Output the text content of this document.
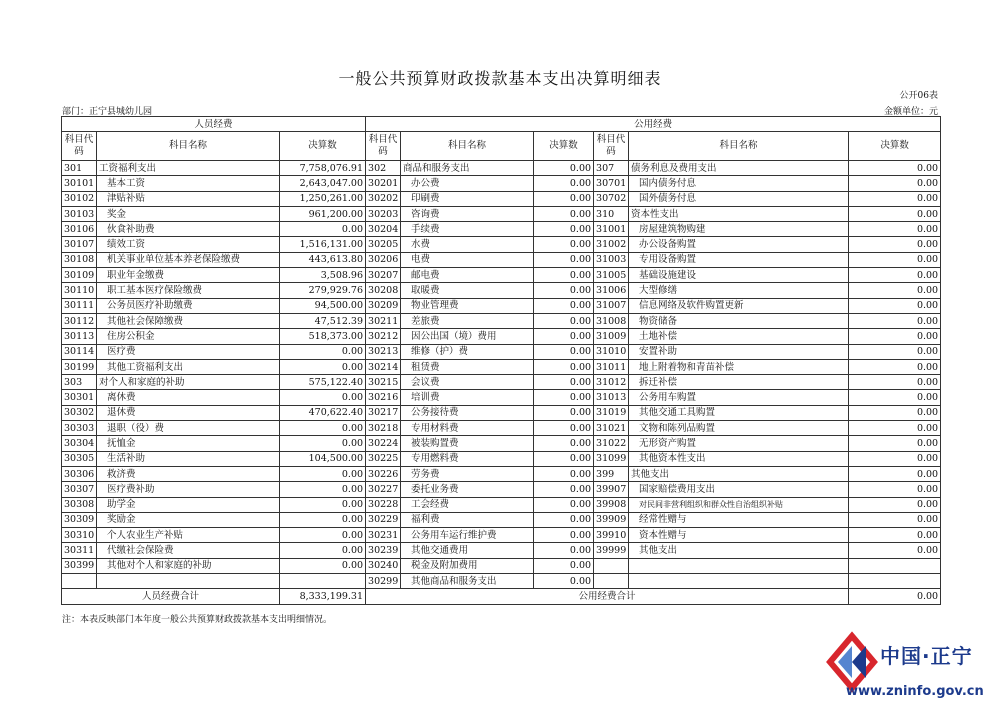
一般公共预算财政拨款基本支出决算明细表
公开06表
部门：正宁县城幼儿园	金额单位：元
人员经费			公用经费					
科目代码	科目名称	决算数	科目代码	科目名称	决算数	科目代码	科目名称	决算数
301	工资福利支出	7,758,076.91	302	商品和服务支出	0.00	307	债务利息及费用支出	0.00
30101	基本工资	2,643,047.00	30201	办公费	0.00	30701	国内债务付息	0.00
30102	津贴补贴	1,250,261.00	30202	印刷费	0.00	30702	国外债务付息	0.00
30103	奖金	961,200.00	30203	咨询费	0.00	310	资本性支出	0.00
30106	伙食补助费	0.00	30204	手续费	0.00	31001	房屋建筑物购建	0.00
30107	绩效工资	1,516,131.00	30205	水费	0.00	31002	办公设备购置	0.00
30108	机关事业单位基本养老保险缴费	443,613.80	30206	电费	0.00	31003	专用设备购置	0.00
30109	职业年金缴费	3,508.96	30207	邮电费	0.00	31005	基础设施建设	0.00
30110	职工基本医疗保险缴费	279,929.76	30208	取暖费	0.00	31006	大型修缮	0.00
30111	公务员医疗补助缴费	94,500.00	30209	物业管理费	0.00	31007	信息网络及软件购置更新	0.00
30112	其他社会保障缴费	47,512.39	30211	差旅费	0.00	31008	物资储备	0.00
30113	住房公积金	518,373.00	30212	因公出国（境）费用	0.00	31009	土地补偿	0.00
30114	医疗费	0.00	30213	维修（护）费	0.00	31010	安置补助	0.00
30199	其他工资福利支出	0.00	30214	租赁费	0.00	31011	地上附着物和青苗补偿	0.00
303	对个人和家庭的补助	575,122.40	30215	会议费	0.00	31012	拆迁补偿	0.00
30301	离休费	0.00	30216	培训费	0.00	31013	公务用车购置	0.00
30302	退休费	470,622.40	30217	公务接待费	0.00	31019	其他交通工具购置	0.00
30303	退职（役）费	0.00	30218	专用材料费	0.00	31021	文物和陈列品购置	0.00
30304	抚恤金	0.00	30224	被装购置费	0.00	31022	无形资产购置	0.00
30305	生活补助	104,500.00	30225	专用燃料费	0.00	31099	其他资本性支出	0.00
30306	救济费	0.00	30226	劳务费	0.00	399	其他支出	0.00
30307	医疗费补助	0.00	30227	委托业务费	0.00	39907	国家赔偿费用支出	0.00
30308	助学金	0.00	30228	工会经费	0.00	39908	对民间非营利组织和群众性自治组织补贴	0.00
30309	奖励金	0.00	30229	福利费	0.00	39909	经常性赠与	0.00
30310	个人农业生产补贴	0.00	30231	公务用车运行维护费	0.00	39910	资本性赠与	0.00
30311	代缴社会保险费	0.00	30239	其他交通费用	0.00	39999	其他支出	0.00
30399	其他对个人和家庭的补助	0.00	30240	税金及附加费用	0.00			
			30299	其他商品和服务支出	0.00			
人员经费合计		8,333,199.31	公用经费合计					0.00
注：本表反映部门本年度一般公共预算财政拨款基本支出明细情况。
中国·正宁
www.zninfo.gov.cn
